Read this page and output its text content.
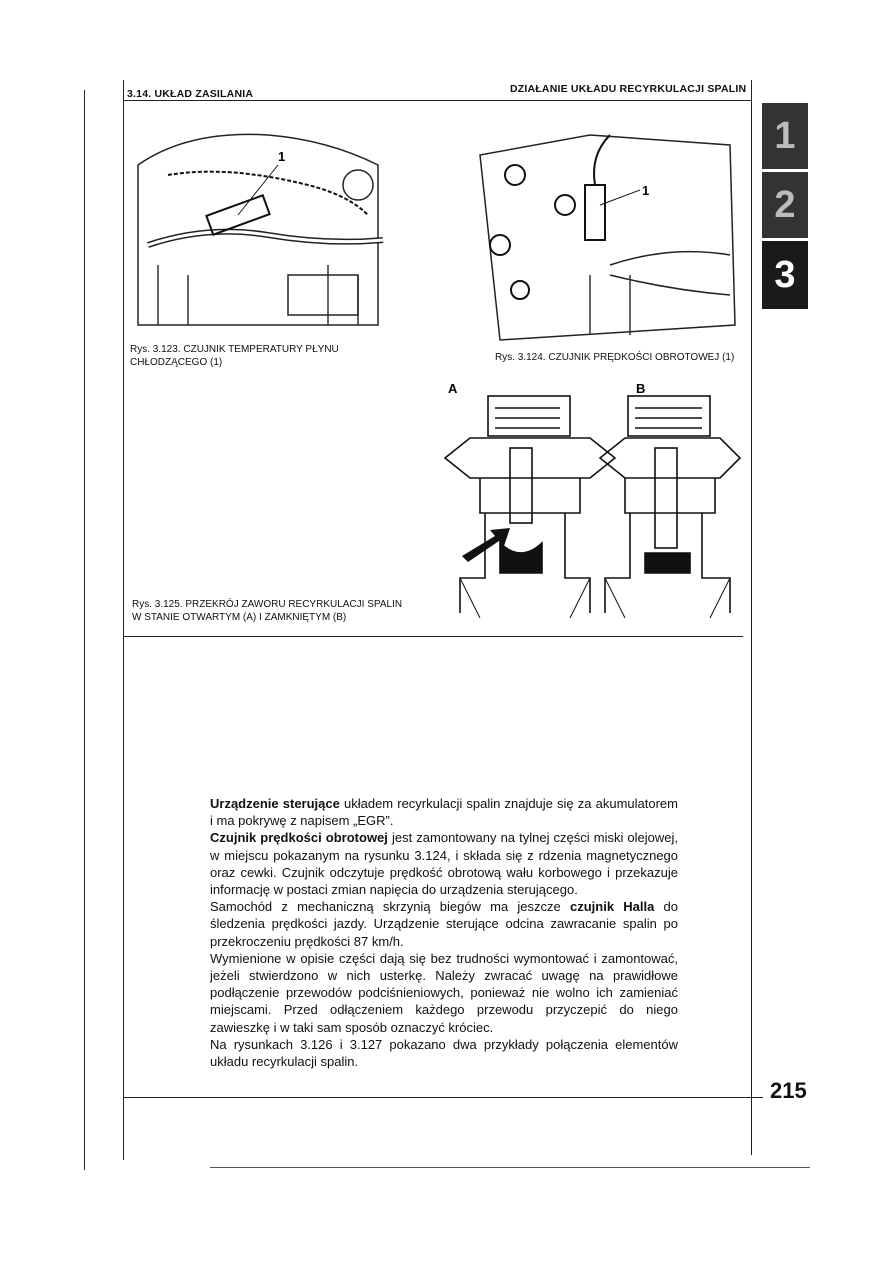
3.14. UKŁAD ZASILANIA	DZIAŁANIE UKŁADU RECYRKULACJI SPALIN
1
2
3
1
Rys. 3.123. CZUJNIK TEMPERATURY PŁYNU
CHŁODZĄCEGO (1)
1
Rys. 3.124. CZUJNIK PRĘDKOŚCI OBROTOWEJ (1)
A	B
Rys. 3.125. PRZEKRÓJ ZAWORU RECYRKULACJI SPALIN
W STANIE OTWARTYM (A) I ZAMKNIĘTYM (B)

Urządzenie sterujące układem recyrkulacji spalin znajduje się za akumulatorem i ma pokrywę z napisem „EGR”.

Czujnik prędkości obrotowej jest zamontowany na tylnej części miski olejowej, w miejscu pokazanym na rysunku 3.124, i składa się z rdzenia magnetycznego oraz cewki. Czujnik odczytuje prędkość obrotową wału korbowego i przekazuje informację w postaci zmian napięcia do urządzenia sterującego.

Samochód z mechaniczną skrzynią biegów ma jeszcze czujnik Halla do śledzenia prędkości jazdy. Urządzenie sterujące odcina zawracanie spalin po przekroczeniu prędkości 87 km/h.

Wymienione w opisie części dają się bez trudności wymontować i zamontować, jeżeli stwierdzono w nich usterkę. Należy zwracać uwagę na prawidłowe podłączenie przewodów podciśnieniowych, ponieważ nie wolno ich zamieniać miejscami. Przed odłączeniem każdego przewodu przyczepić do niego zawieszkę i w taki sam sposób oznaczyć króciec.

Na rysunkach 3.126 i 3.127 pokazano dwa przykłady połączenia elementów układu recyrkulacji spalin.

215
